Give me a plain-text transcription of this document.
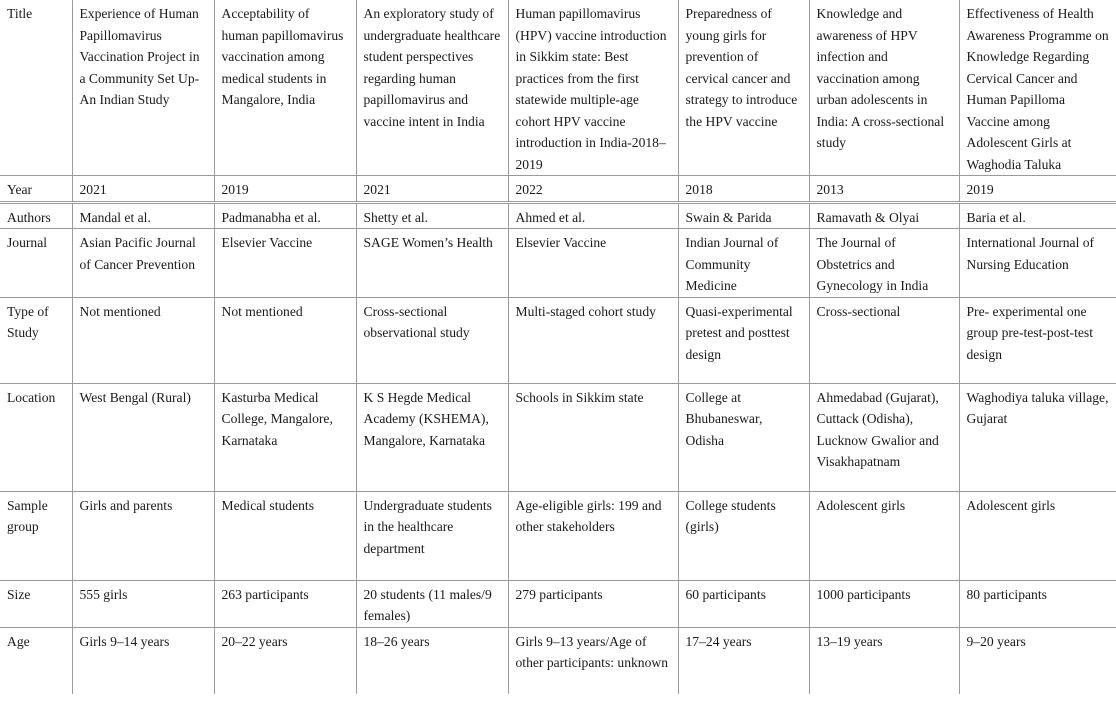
Title	Experience of Human Papillomavirus Vaccination Project in a Community Set Up-An Indian Study	Acceptability of human papillomavirus vaccination among medical students in Mangalore, India	An exploratory study of undergraduate healthcare student perspectives regarding human papillomavirus and vaccine intent in India	Human papillomavirus (HPV) vaccine introduction in Sikkim state: Best practices from the first statewide multiple-age cohort HPV vaccine introduction in India-2018–2019	Preparedness of young girls for prevention of cervical cancer and strategy to introduce the HPV vaccine	Knowledge and awareness of HPV infection and vaccination among urban adolescents in India: A cross-sectional study	Effectiveness of Health Awareness Programme on Knowledge Regarding Cervical Cancer and Human Papilloma Vaccine among Adolescent Girls at Waghodia Taluka
Year	2021	2019	2021	2022	2018	2013	2019
Authors	Mandal et al.	Padmanabha et al.	Shetty et al.	Ahmed et al.	Swain & Parida	Ramavath & Olyai	Baria et al.
Journal	Asian Pacific Journal of Cancer Prevention	Elsevier Vaccine	SAGE Women’s Health	Elsevier Vaccine	Indian Journal of Community Medicine	The Journal of Obstetrics and Gynecology in India	International Journal of Nursing Education
Type of Study	Not mentioned	Not mentioned	Cross-sectional observational study	Multi-staged cohort study	Quasi-experimental pretest and posttest design	Cross-sectional	Pre- experimental one group pre-test-post-test design
Location	West Bengal (Rural)	Kasturba Medical College, Mangalore, Karnataka	K S Hegde Medical Academy (KSHEMA), Mangalore, Karnataka	Schools in Sikkim state	College at Bhubaneswar, Odisha	Ahmedabad (Gujarat), Cuttack (Odisha), Lucknow Gwalior and Visakhapatnam	Waghodiya taluka village, Gujarat
Sample group	Girls and parents	Medical students	Undergraduate students in the healthcare department	Age-eligible girls: 199 and other stakeholders	College students (girls)	Adolescent girls	Adolescent girls
Size	555 girls	263 participants	20 students (11 males/9 females)	279 participants	60 participants	1000 participants	80 participants
Age	Girls 9–14 years	20–22 years	18–26 years	Girls 9–13 years/Age of other participants: unknown	17–24 years	13–19 years	9–20 years
